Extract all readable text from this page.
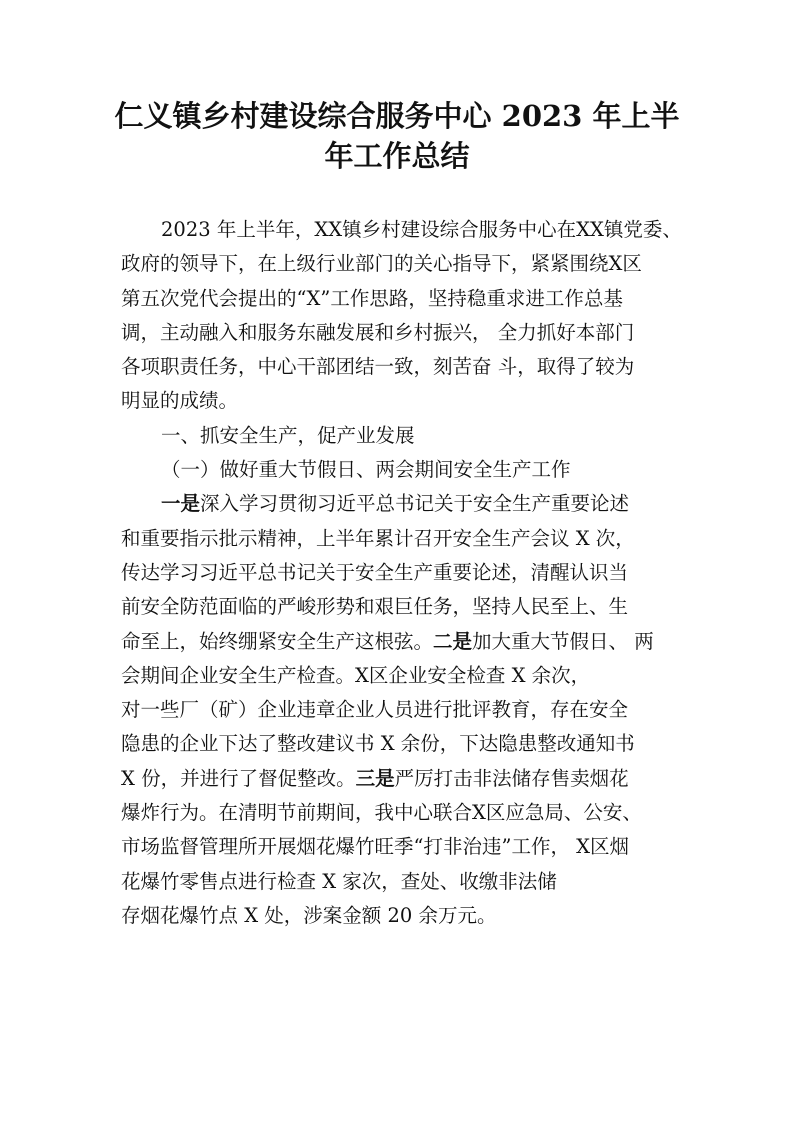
仁义镇乡村建设综合服务中心 2023 年上半
年工作总结
2023 年上半年，XX镇乡村建设综合服务中心在XX镇党委、
政府的领导下，在上级行业部门的关心指导下，紧紧围绕X区
第五次党代会提出的“X”工作思路，坚持稳重求进工作总基
调，主动融入和服务东融发展和乡村振兴， 全力抓好本部门
各项职责任务，中心干部团结一致，刻苦奋 斗，取得了较为
明显的成绩。
一、抓安全生产，促产业发展
（一）做好重大节假日、两会期间安全生产工作
一是深入学习贯彻习近平总书记关于安全生产重要论述
和重要指示批示精神，上半年累计召开安全生产会议 X 次，
传达学习习近平总书记关于安全生产重要论述，清醒认识当
前安全防范面临的严峻形势和艰巨任务，坚持人民至上、生
命至上，始终绷紧安全生产这根弦。二是加大重大节假日、 两
会期间企业安全生产检查。X区企业安全检查 X 余次，
对一些厂（矿）企业违章企业人员进行批评教育，存在安全
隐患的企业下达了整改建议书 X 余份，下达隐患整改通知书
X 份，并进行了督促整改。三是严厉打击非法储存售卖烟花
爆炸行为。在清明节前期间，我中心联合X区应急局、公安、
市场监督管理所开展烟花爆竹旺季“打非治违”工作， X区烟
花爆竹零售点进行检查 X 家次，查处、收缴非法储
存烟花爆竹点 X 处，涉案金额 20 余万元。
